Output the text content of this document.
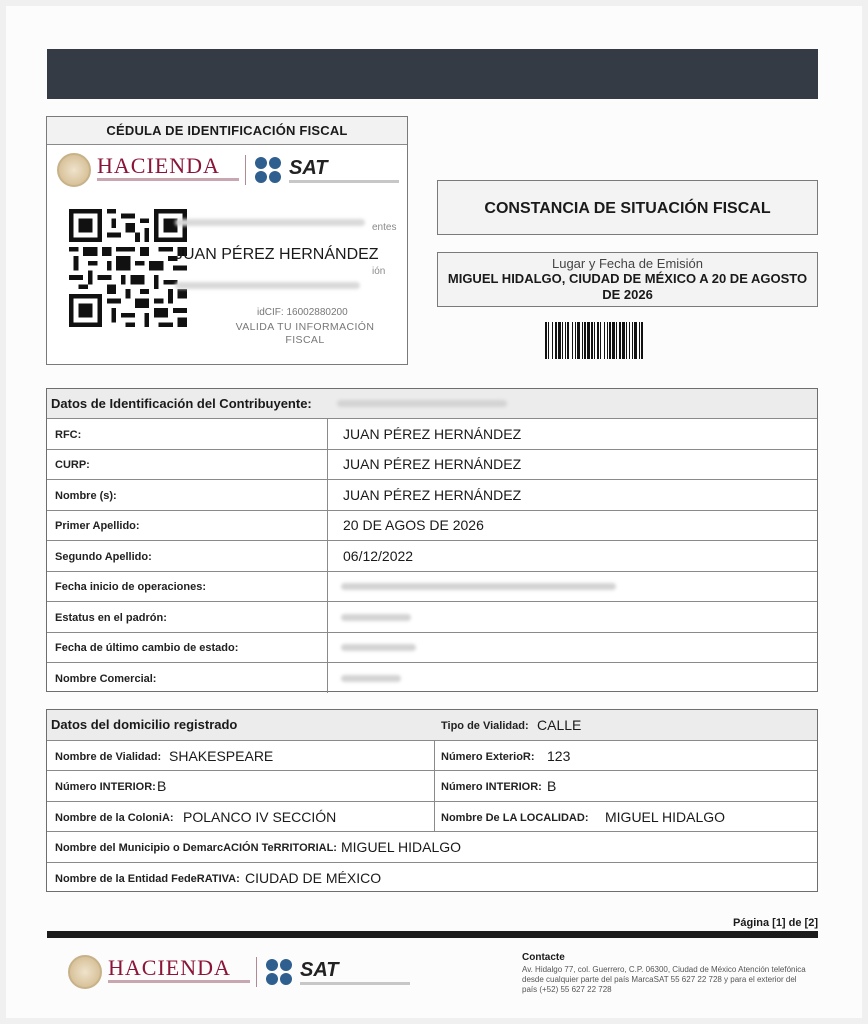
CÉDULA DE IDENTIFICACIÓN FISCAL
HACIENDA	SAT
entes
JUAN PÉREZ HERNÁNDEZ
ión
idCIF: 16002880200
VALIDA TU INFORMACIÓN FISCAL
CONSTANCIA DE SITUACIÓN FISCAL
Lugar y Fecha de Emisión
MIGUEL HIDALGO, CIUDAD DE MÉXICO A 20 DE AGOSTO DE 2026
Datos de Identificación del Contribuyente:
RFC:	JUAN PÉREZ HERNÁNDEZ
CURP:	JUAN PÉREZ HERNÁNDEZ
Nombre (s):	JUAN PÉREZ HERNÁNDEZ
Primer Apellido:	20 DE AGOS DE 2026
Segundo Apellido:	06/12/2022
Fecha inicio de operaciones:
Estatus en el padrón:
Fecha de último cambio de estado:
Nombre Comercial:
Datos del domicilio registrado	Tipo de Vialidad: CALLE
Nombre de Vialidad: SHAKESPEARE	Número ExterioR: 123
Número INTERIOR: B	Número INTERIOR: B
Nombre de la ColoniA: POLANCO IV SECCIÓN	Nombre De LA LOCALIDAD: MIGUEL HIDALGO
Nombre del Municipio o DemarcACIÓN TeRRITORIAL: MIGUEL HIDALGO
Nombre de la Entidad FedeRATIVA: CIUDAD DE MÉXICO
Página [1] de [2]
HACIENDA	SAT
Contacte
Av. Hidalgo 77, col. Guerrero, C.P. 06300, Ciudad de México Atención telefónica desde cualquier parte del país MarcaSAT 55 627 22 728 y para el exterior del país (+52) 55 627 22 728
